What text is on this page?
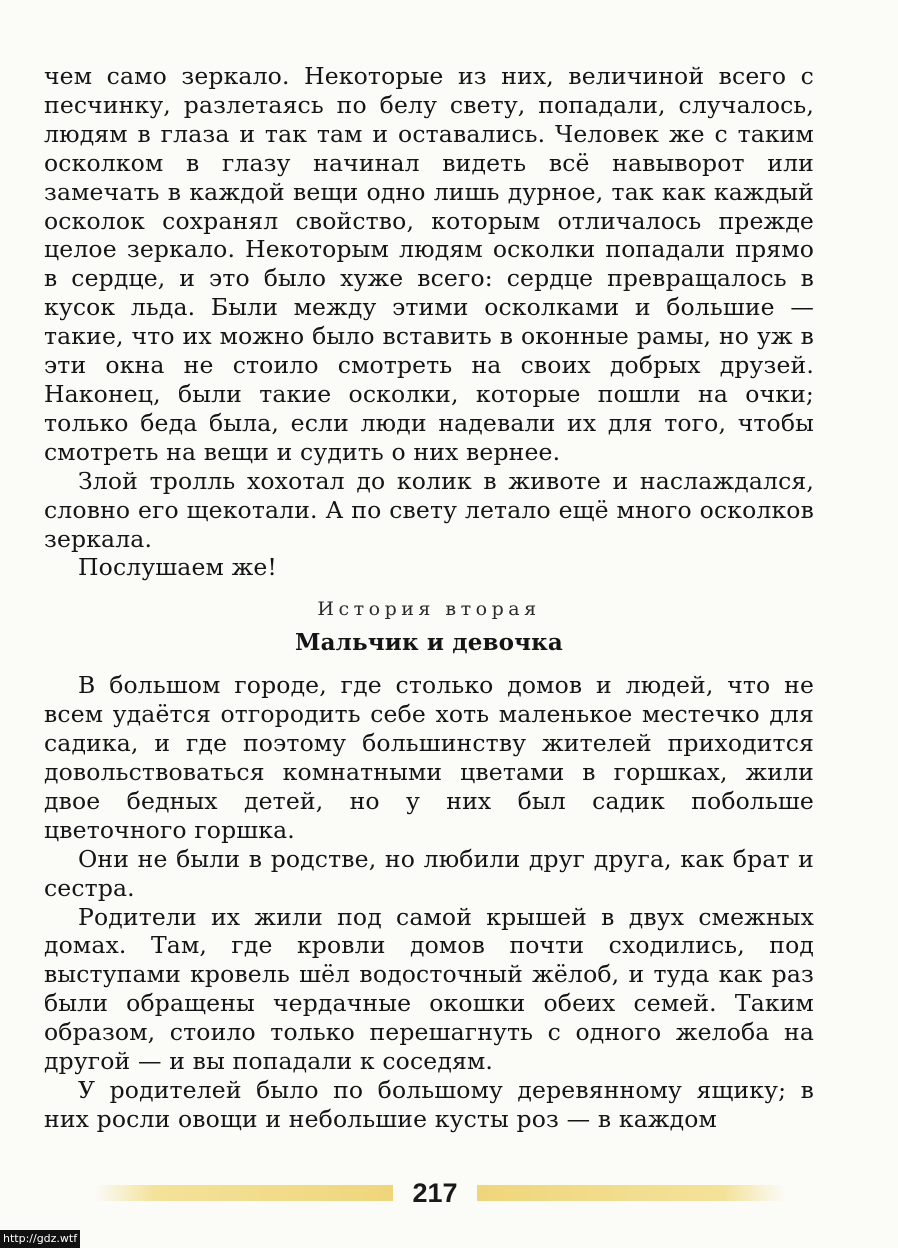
чем само зеркало. Некоторые из них, величиной всего с песчинку, разлетаясь по белу свету, попадали, случалось, людям в глаза и так там и оставались. Человек же с таким осколком в глазу начинал видеть всё навыворот или замечать в каждой вещи одно лишь дурное, так как каждый осколок сохранял свойство, которым отличалось прежде целое зеркало. Некоторым людям осколки попадали прямо в сердце, и это было хуже всего: сердце превращалось в кусок льда. Были между этими осколками и большие — такие, что их можно было вставить в оконные рамы, но уж в эти окна не стоило смотреть на своих добрых друзей. Наконец, были такие осколки, которые пошли на очки; только беда была, если люди надевали их для того, чтобы смотреть на вещи и судить о них вернее.

Злой тролль хохотал до колик в животе и наслаждался, словно его щекотали. А по свету летало ещё много осколков зеркала.

Послушаем же!

История вторая
Мальчик и девочка

В большом городе, где столько домов и людей, что не всем удаётся отгородить себе хоть маленькое местечко для садика, и где поэтому большинству жителей приходится довольствоваться комнатными цветами в горшках, жили двое бедных детей, но у них был садик побольше цветочного горшка.

Они не были в родстве, но любили друг друга, как брат и сестра.

Родители их жили под самой крышей в двух смежных домах. Там, где кровли домов почти сходились, под выступами кровель шёл водосточный жёлоб, и туда как раз были обращены чердачные окошки обеих семей. Таким образом, стоило только перешагнуть с одного желоба на другой — и вы попадали к соседям.

У родителей было по большому деревянному ящику; в них росли овощи и небольшие кусты роз — в каждом

217
http://gdz.wtf
